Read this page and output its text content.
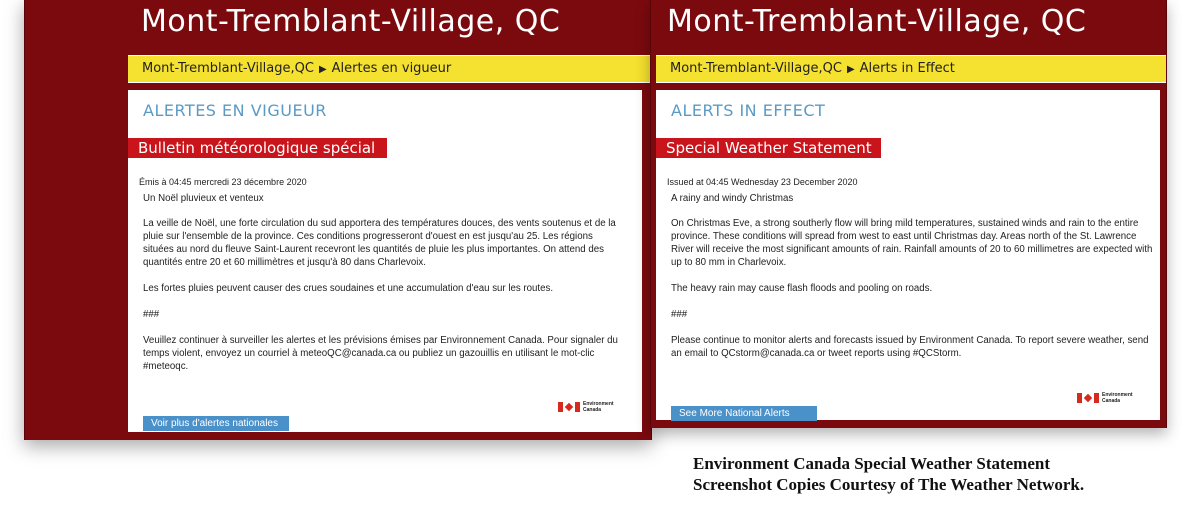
Mont-Tremblant-Village, QC
Mont-Tremblant-Village,QC ▶ Alertes en vigueur
ALERTES EN VIGUEUR
Bulletin météorologique spécial
Émis à 04:45 mercredi 23 décembre 2020

Un Noël pluvieux et venteux

La veille de Noël, une forte circulation du sud apportera des températures douces, des vents soutenus et de la pluie sur l'ensemble de la province. Ces conditions progresseront d'ouest en est jusqu'au 25. Les régions situées au nord du fleuve Saint-Laurent recevront les quantités de pluie les plus importantes. On attend des quantités entre 20 et 60 millimètres et jusqu'à 80 dans Charlevoix.

Les fortes pluies peuvent causer des crues soudaines et une accumulation d'eau sur les routes.

###

Veuillez continuer à surveiller les alertes et les prévisions émises par Environnement Canada. Pour signaler du temps violent, envoyez un courriel à meteoQC@canada.ca ou publiez un gazouillis en utilisant le mot-clic #meteoqc.

Environment
Canada
Voir plus d'alertes nationales
Mont-Tremblant-Village, QC
Mont-Tremblant-Village,QC ▶ Alerts in Effect
ALERTS IN EFFECT
Special Weather Statement
Issued at 04:45 Wednesday 23 December 2020

A rainy and windy Christmas

On Christmas Eve, a strong southerly flow will bring mild temperatures, sustained winds and rain to the entire province. These conditions will spread from west to east until Christmas day. Areas north of the St. Lawrence River will receive the most significant amounts of rain. Rainfall amounts of 20 to 60 millimetres are expected with up to 80 mm in Charlevoix.

The heavy rain may cause flash floods and pooling on roads.

###

Please continue to monitor alerts and forecasts issued by Environment Canada. To report severe weather, send an email to QCstorm@canada.ca or tweet reports using #QCStorm.

Environment
Canada
See More National Alerts
Environment Canada Special Weather Statement
Screenshot Copies Courtesy of The Weather Network.
